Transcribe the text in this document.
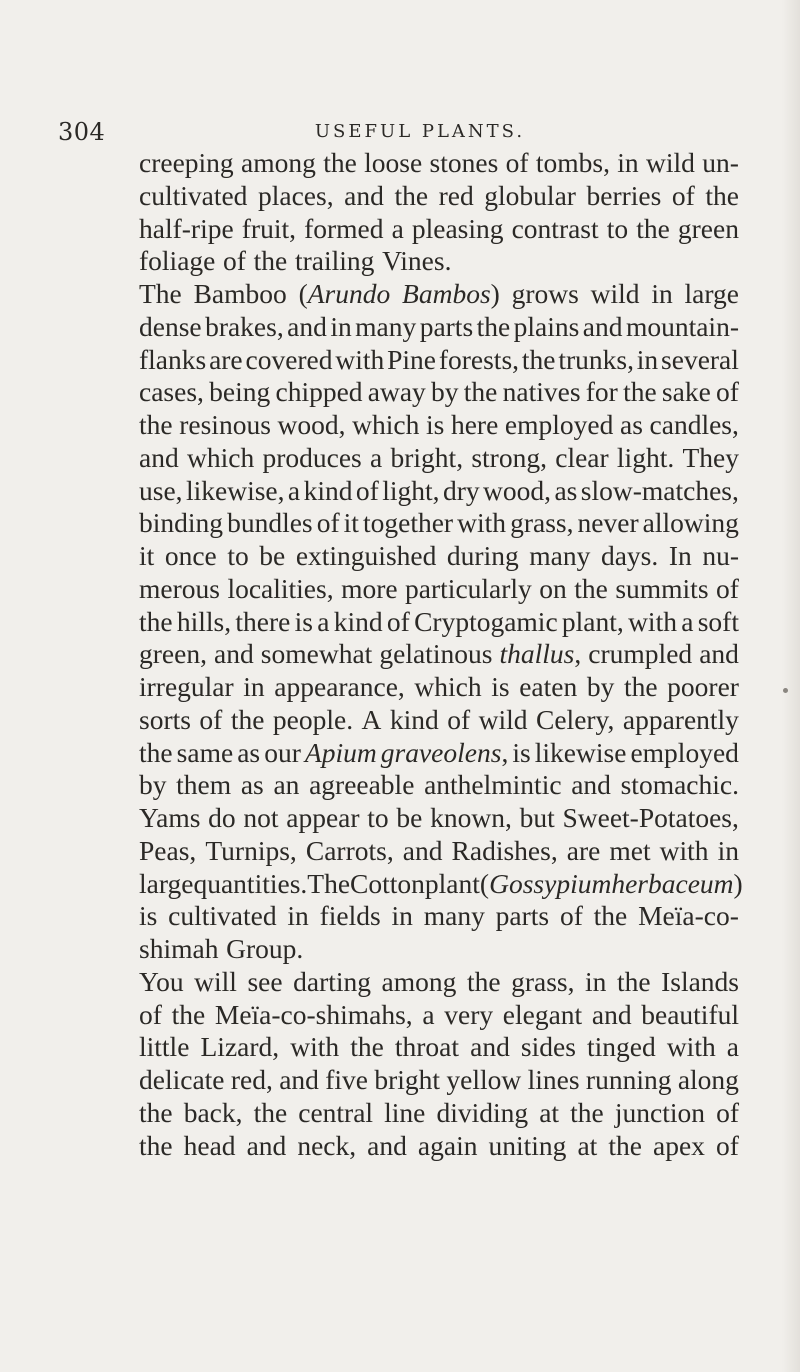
304	USEFUL PLANTS.
creeping among the loose stones of tombs, in wild un-
cultivated places, and the red globular berries of the
half-ripe fruit, formed a pleasing contrast to the green
foliage of the trailing Vines.
The Bamboo (Arundo Bambos) grows wild in large
dense brakes, and in many parts the plains and mountain-
flanks are covered with Pine forests, the trunks, in several
cases, being chipped away by the natives for the sake of
the resinous wood, which is here employed as candles,
and which produces a bright, strong, clear light. They
use, likewise, a kind of light, dry wood, as slow-matches,
binding bundles of it together with grass, never allowing
it once to be extinguished during many days. In nu-
merous localities, more particularly on the summits of
the hills, there is a kind of Cryptogamic plant, with a soft
green, and somewhat gelatinous thallus, crumpled and
irregular in appearance, which is eaten by the poorer
sorts of the people. A kind of wild Celery, apparently
the same as our Apium graveolens, is likewise employed
by them as an agreeable anthelmintic and stomachic.
Yams do not appear to be known, but Sweet-Potatoes,
Peas, Turnips, Carrots, and Radishes, are met with in
large quantities. The Cotton plant (Gossypium herbaceum)
is cultivated in fields in many parts of the Meïa-co-
shimah Group.
You will see darting among the grass, in the Islands
of the Meïa-co-shimahs, a very elegant and beautiful
little Lizard, with the throat and sides tinged with a
delicate red, and five bright yellow lines running along
the back, the central line dividing at the junction of
the head and neck, and again uniting at the apex of
